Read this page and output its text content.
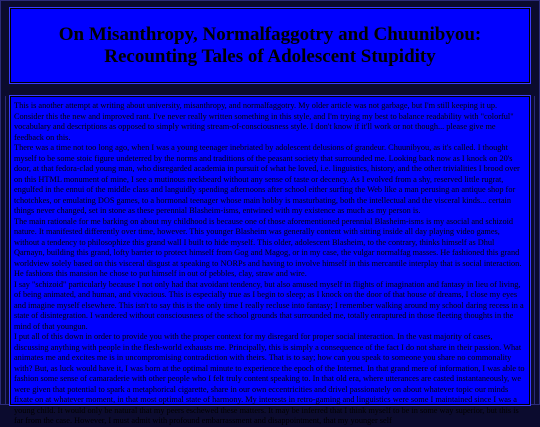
On Misanthropy, Normalfaggotry and Chuunibyou: Recounting Tales of Adolescent Stupidity

This is another attempt at writing about university, misanthropy, and normalfaggotry. My older article was not garbage, but I'm still keeping it up. Consider this the new and improved rant. I've never really written something in this style, and I'm trying my best to balance readability with "colorful" vocabulary and descriptions as opposed to simply writing stream-of-consciousness style. I don't know if it'll work or not though... please give me feedback on this.

There was a time not too long ago, when I was a young teenager inebriated by adolescent delusions of grandeur. Chuunibyou, as it's called. I thought myself to be some stoic figure undeterred by the norms and traditions of the peasant society that surrounded me. Looking back now as I knock on 20's door, at that fedora-clad young man, who disregarded academia in pursuit of what he loved, i.e. linguistics, history, and the other trivialities I brood over on this HTML monument of mine, I see a mutinous neckbeard without any sense of taste or decency. As I evolved from a shy, reserved little rugrat, engulfed in the ennui of the middle class and languidly spending afternoons after school either surfing the Web like a man perusing an antique shop for tchotchkes, or emulating DOS games, to a hormonal teenager whose main hobby is masturbating, both the intellectual and the visceral kinds... certain things never changed, set in stone as these perennial Blasheim-isms, entwined with my existence as much as my person is.

The main rationale for me barking on about my childhood is because one of those aforementioned perennial Blasheim-isms is my asocial and schizoid nature. It manifested differently over time, however. This younger Blasheim was generally content with sitting inside all day playing video games, without a tendency to philosophize this grand wall I built to hide myself. This older, adolescent Blasheim, to the contrary, thinks himself as Dhul Qarnayn, building this grand, lofty barrier to protect himself from Gog and Magog, or in my case, the vulgar normalfag masses. He fashioned this grand worldview solely based on this visceral disgust at speaking to NORPs and having to involve himself in this mercantile interplay that is social interaction. He fashions this mansion he chose to put himself in out of pebbles, clay, straw and wire.

I say "schizoid" particularly because I not only had that avoidant tendency, but also amused myself in flights of imagination and fantasy in lieu of living, of being animated, and human, and vivacious. This is especially true as I begin to sleep; as I knock on the door of that house of dreams, I close my eyes and imagine myself elsewhere. This isn't to say this is the only time I really recluse into fantasy; I remember walking around my school daring recess in a state of disintegration. I wandered without consciousness of the school grounds that surrounded me, totally enraptured in those fleeting thoughts in the mind of that youngun.

I put all of this down in order to provide you with the proper context for my disregard for proper social interaction. In the vast majority of cases, discussing anything with people in the flesh-world exhausts me. Principally, this is simply a consequence of the fact I do not share in their passion. What animates me and excites me is in uncompromising contradiction with theirs. That is to say; how can you speak to someone you share no commonality with? But, as luck would have it, I was born at the optimal minute to experience the epoch of the Internet. In that grand mere of information, I was able to fashion some sense of camaraderie with other people who I felt truly content speaking to. In that old era, where utterances are casted instantaneously, we were given that potential to spark a metaphorical cigarette, share in our own eccentricities and drivel passionately on about whatever topic our minds fixate on at whatever moment, in that most optimal state of harmony. My interests in retro-gaming and linguistics were some I maintained since I was a young child. It would only be natural that my peers eschewed these matters. It may be inferred that I think myself to be in some way superior, but this is far from the case. However, I must admit with profound embarrassment and disappointment, that my younger self
